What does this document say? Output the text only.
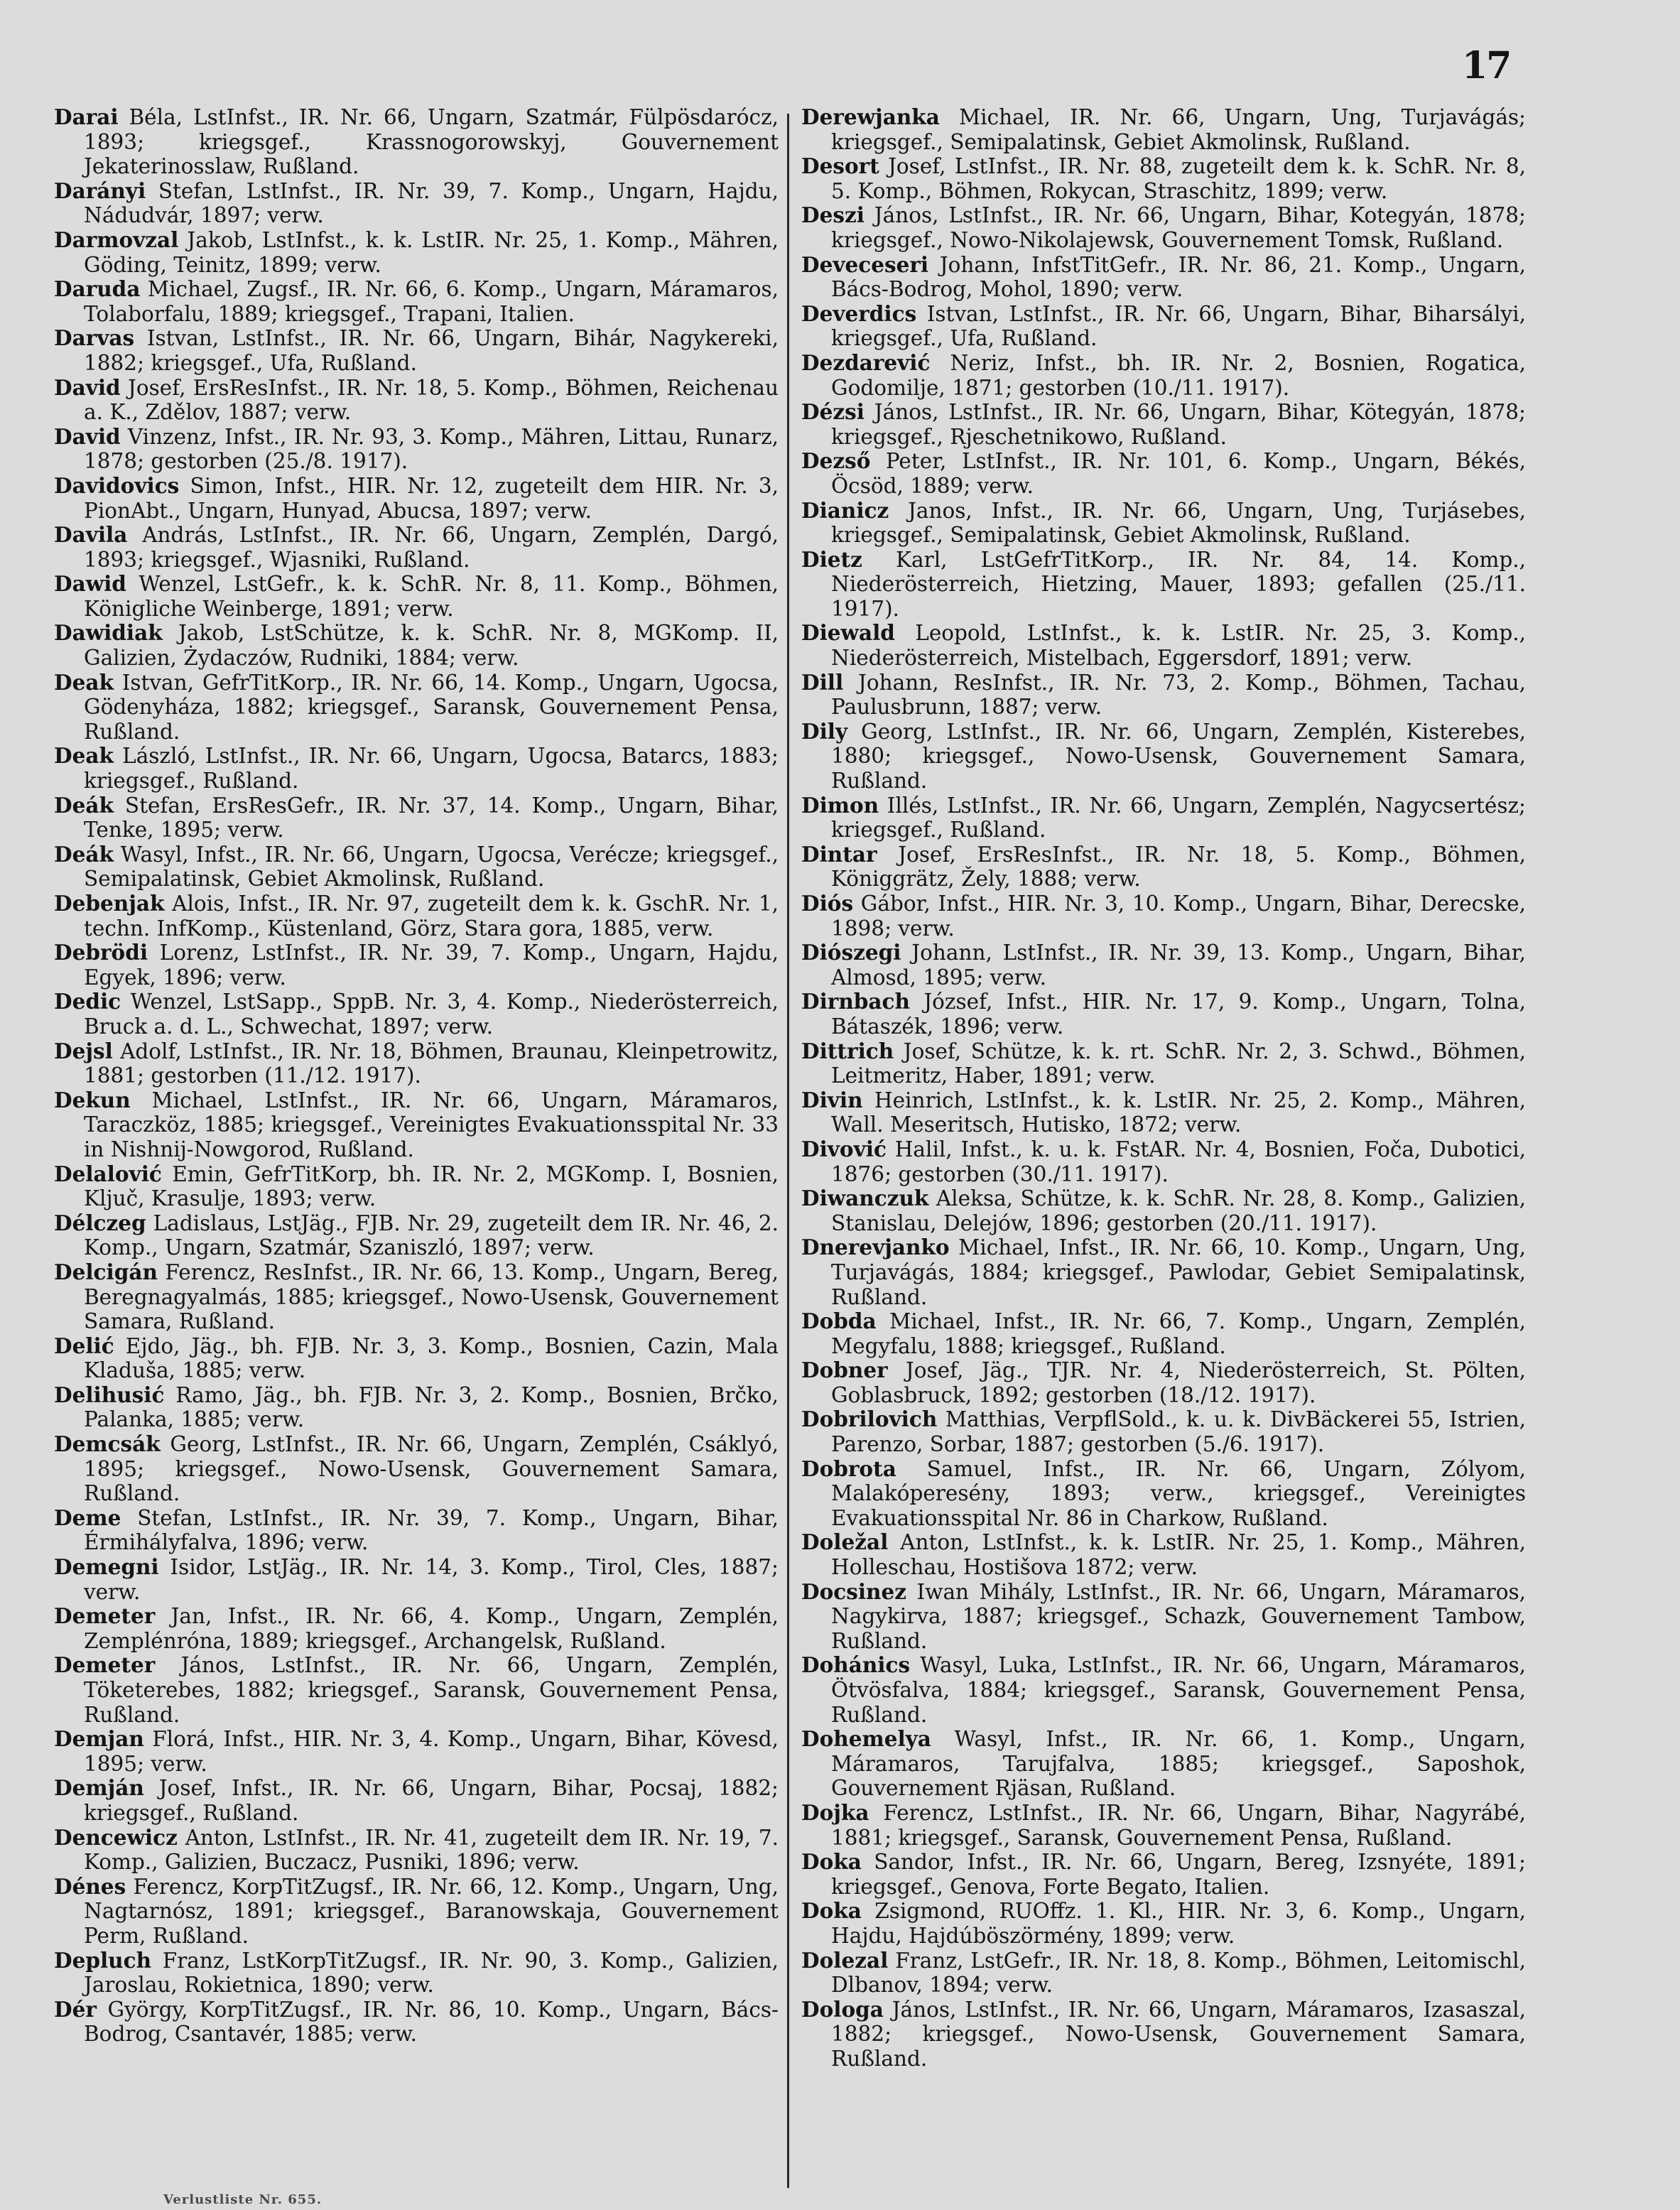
17

Darai Béla, LstInfst., IR. Nr. 66, Ungarn, Szatmár, Fülpösdarócz, 1893; kriegsgef., Krassnogorowskyj, Gouvernement Jekaterinosslaw, Rußland.

Darányi Stefan, LstInfst., IR. Nr. 39, 7. Komp., Ungarn, Hajdu, Nádudvár, 1897; verw.

Darmovzal Jakob, LstInfst., k. k. LstIR. Nr. 25, 1. Komp., Mähren, Göding, Teinitz, 1899; verw.

Daruda Michael, Zugsf., IR. Nr. 66, 6. Komp., Ungarn, Máramaros, Tolaborfalu, 1889; kriegsgef., Trapani, Italien.

Darvas Istvan, LstInfst., IR. Nr. 66, Ungarn, Bihár, Nagykereki, 1882; kriegsgef., Ufa, Rußland.

David Josef, ErsResInfst., IR. Nr. 18, 5. Komp., Böhmen, Reichenau a. K., Zdělov, 1887; verw.

David Vinzenz, Infst., IR. Nr. 93, 3. Komp., Mähren, Littau, Runarz, 1878; gestorben (25./8. 1917).

Davidovics Simon, Infst., HIR. Nr. 12, zugeteilt dem HIR. Nr. 3, PionAbt., Ungarn, Hunyad, Abucsa, 1897; verw.

Davila András, LstInfst., IR. Nr. 66, Ungarn, Zemplén, Dargó, 1893; kriegsgef., Wjasniki, Rußland.

Dawid Wenzel, LstGefr., k. k. SchR. Nr. 8, 11. Komp., Böhmen, Königliche Weinberge, 1891; verw.

Dawidiak Jakob, LstSchütze, k. k. SchR. Nr. 8, MGKomp. II, Galizien, Żydaczów, Rudniki, 1884; verw.

Deak Istvan, GefrTitKorp., IR. Nr. 66, 14. Komp., Ungarn, Ugocsa, Gödenyháza, 1882; kriegsgef., Saransk, Gouvernement Pensa, Rußland.

Deak László, LstInfst., IR. Nr. 66, Ungarn, Ugocsa, Batarcs, 1883; kriegsgef., Rußland.

Deák Stefan, ErsResGefr., IR. Nr. 37, 14. Komp., Ungarn, Bihar, Tenke, 1895; verw.

Deák Wasyl, Infst., IR. Nr. 66, Ungarn, Ugocsa, Verécze; kriegsgef., Semipalatinsk, Gebiet Akmolinsk, Rußland.

Debenjak Alois, Infst., IR. Nr. 97, zugeteilt dem k. k. GschR. Nr. 1, techn. InfKomp., Küstenland, Görz, Stara gora, 1885, verw.

Debrödi Lorenz, LstInfst., IR. Nr. 39, 7. Komp., Ungarn, Hajdu, Egyek, 1896; verw.

Dedic Wenzel, LstSapp., SppB. Nr. 3, 4. Komp., Niederösterreich, Bruck a. d. L., Schwechat, 1897; verw.

Dejsl Adolf, LstInfst., IR. Nr. 18, Böhmen, Braunau, Kleinpetrowitz, 1881; gestorben (11./12. 1917).

Dekun Michael, LstInfst., IR. Nr. 66, Ungarn, Máramaros, Taraczköz, 1885; kriegsgef., Vereinigtes Evakuationsspital Nr. 33 in Nishnij-Nowgorod, Rußland.

Delalović Emin, GefrTitKorp, bh. IR. Nr. 2, MGKomp. I, Bosnien, Ključ, Krasulje, 1893; verw.

Délczeg Ladislaus, LstJäg., FJB. Nr. 29, zugeteilt dem IR. Nr. 46, 2. Komp., Ungarn, Szatmár, Szaniszló, 1897; verw.

Delcigán Ferencz, ResInfst., IR. Nr. 66, 13. Komp., Ungarn, Bereg, Beregnagyalmás, 1885; kriegsgef., Nowo-Usensk, Gouvernement Samara, Rußland.

Delić Ejdo, Jäg., bh. FJB. Nr. 3, 3. Komp., Bosnien, Cazin, Mala Kladuša, 1885; verw.

Delihusić Ramo, Jäg., bh. FJB. Nr. 3, 2. Komp., Bosnien, Brčko, Palanka, 1885; verw.

Demcsák Georg, LstInfst., IR. Nr. 66, Ungarn, Zemplén, Csáklyó, 1895; kriegsgef., Nowo-Usensk, Gouvernement Samara, Rußland.

Deme Stefan, LstInfst., IR. Nr. 39, 7. Komp., Ungarn, Bihar, Érmihályfalva, 1896; verw.

Demegni Isidor, LstJäg., IR. Nr. 14, 3. Komp., Tirol, Cles, 1887; verw.

Demeter Jan, Infst., IR. Nr. 66, 4. Komp., Ungarn, Zemplén, Zemplénróna, 1889; kriegsgef., Archangelsk, Rußland.

Demeter János, LstInfst., IR. Nr. 66, Ungarn, Zemplén, Töketerebes, 1882; kriegsgef., Saransk, Gouvernement Pensa, Rußland.

Demjan Florá, Infst., HIR. Nr. 3, 4. Komp., Ungarn, Bihar, Kövesd, 1895; verw.

Demján Josef, Infst., IR. Nr. 66, Ungarn, Bihar, Pocsaj, 1882; kriegsgef., Rußland.

Dencewicz Anton, LstInfst., IR. Nr. 41, zugeteilt dem IR. Nr. 19, 7. Komp., Galizien, Buczacz, Pusniki, 1896; verw.

Dénes Ferencz, KorpTitZugsf., IR. Nr. 66, 12. Komp., Ungarn, Ung, Nagtarnósz, 1891; kriegsgef., Baranowskaja, Gouvernement Perm, Rußland.

Depluch Franz, LstKorpTitZugsf., IR. Nr. 90, 3. Komp., Galizien, Jaroslau, Rokietnica, 1890; verw.

Dér György, KorpTitZugsf., IR. Nr. 86, 10. Komp., Ungarn, Bács-Bodrog, Csantavér, 1885; verw.

Derewjanka Michael, IR. Nr. 66, Ungarn, Ung, Turjavágás; kriegsgef., Semipalatinsk, Gebiet Akmolinsk, Rußland.

Desort Josef, LstInfst., IR. Nr. 88, zugeteilt dem k. k. SchR. Nr. 8, 5. Komp., Böhmen, Rokycan, Straschitz, 1899; verw.

Deszi János, LstInfst., IR. Nr. 66, Ungarn, Bihar, Kotegyán, 1878; kriegsgef., Nowo-Nikolajewsk, Gouvernement Tomsk, Rußland.

Deveceseri Johann, InfstTitGefr., IR. Nr. 86, 21. Komp., Ungarn, Bács-Bodrog, Mohol, 1890; verw.

Deverdics Istvan, LstInfst., IR. Nr. 66, Ungarn, Bihar, Biharsályi, kriegsgef., Ufa, Rußland.

Dezdarević Neriz, Infst., bh. IR. Nr. 2, Bosnien, Rogatica, Godomilje, 1871; gestorben (10./11. 1917).

Dézsi János, LstInfst., IR. Nr. 66, Ungarn, Bihar, Kötegyán, 1878; kriegsgef., Rjeschetnikowo, Rußland.

Dezső Peter, LstInfst., IR. Nr. 101, 6. Komp., Ungarn, Békés, Öcsöd, 1889; verw.

Dianicz Janos, Infst., IR. Nr. 66, Ungarn, Ung, Turjásebes, kriegsgef., Semipalatinsk, Gebiet Akmolinsk, Rußland.

Dietz Karl, LstGefrTitKorp., IR. Nr. 84, 14. Komp., Niederösterreich, Hietzing, Mauer, 1893; gefallen (25./11. 1917).

Diewald Leopold, LstInfst., k. k. LstIR. Nr. 25, 3. Komp., Niederösterreich, Mistelbach, Eggersdorf, 1891; verw.

Dill Johann, ResInfst., IR. Nr. 73, 2. Komp., Böhmen, Tachau, Paulusbrunn, 1887; verw.

Dily Georg, LstInfst., IR. Nr. 66, Ungarn, Zemplén, Kisterebes, 1880; kriegsgef., Nowo-Usensk, Gouvernement Samara, Rußland.

Dimon Illés, LstInfst., IR. Nr. 66, Ungarn, Zemplén, Nagycsertész; kriegsgef., Rußland.

Dintar Josef, ErsResInfst., IR. Nr. 18, 5. Komp., Böhmen, Königgrätz, Žely, 1888; verw.

Diós Gábor, Infst., HIR. Nr. 3, 10. Komp., Ungarn, Bihar, Derecske, 1898; verw.

Diószegi Johann, LstInfst., IR. Nr. 39, 13. Komp., Ungarn, Bihar, Almosd, 1895; verw.

Dirnbach József, Infst., HIR. Nr. 17, 9. Komp., Ungarn, Tolna, Bátaszék, 1896; verw.

Dittrich Josef, Schütze, k. k. rt. SchR. Nr. 2, 3. Schwd., Böhmen, Leitmeritz, Haber, 1891; verw.

Divin Heinrich, LstInfst., k. k. LstIR. Nr. 25, 2. Komp., Mähren, Wall. Meseritsch, Hutisko, 1872; verw.

Divović Halil, Infst., k. u. k. FstAR. Nr. 4, Bosnien, Foča, Dubotici, 1876; gestorben (30./11. 1917).

Diwanczuk Aleksa, Schütze, k. k. SchR. Nr. 28, 8. Komp., Galizien, Stanislau, Delejów, 1896; gestorben (20./11. 1917).

Dnerevjanko Michael, Infst., IR. Nr. 66, 10. Komp., Ungarn, Ung, Turjavágás, 1884; kriegsgef., Pawlodar, Gebiet Semipalatinsk, Rußland.

Dobda Michael, Infst., IR. Nr. 66, 7. Komp., Ungarn, Zemplén, Megyfalu, 1888; kriegsgef., Rußland.

Dobner Josef, Jäg., TJR. Nr. 4, Niederösterreich, St. Pölten, Goblasbruck, 1892; gestorben (18./12. 1917).

Dobrilovich Matthias, VerpflSold., k. u. k. DivBäckerei 55, Istrien, Parenzo, Sorbar, 1887; gestorben (5./6. 1917).

Dobrota Samuel, Infst., IR. Nr. 66, Ungarn, Zólyom, Malakóperesény, 1893; verw., kriegsgef., Vereinigtes Evakuationsspital Nr. 86 in Charkow, Rußland.

Doležal Anton, LstInfst., k. k. LstIR. Nr. 25, 1. Komp., Mähren, Holleschau, Hostišova 1872; verw.

Docsinez Iwan Mihály, LstInfst., IR. Nr. 66, Ungarn, Máramaros, Nagykirva, 1887; kriegsgef., Schazk, Gouvernement Tambow, Rußland.

Dohánics Wasyl, Luka, LstInfst., IR. Nr. 66, Ungarn, Máramaros, Ötvösfalva, 1884; kriegsgef., Saransk, Gouvernement Pensa, Rußland.

Dohemelya Wasyl, Infst., IR. Nr. 66, 1. Komp., Ungarn, Máramaros, Tarujfalva, 1885; kriegsgef., Saposhok, Gouvernement Rjäsan, Rußland.

Dojka Ferencz, LstInfst., IR. Nr. 66, Ungarn, Bihar, Nagyrábé, 1881; kriegsgef., Saransk, Gouvernement Pensa, Rußland.

Doka Sandor, Infst., IR. Nr. 66, Ungarn, Bereg, Izsnyéte, 1891; kriegsgef., Genova, Forte Begato, Italien.

Doka Zsigmond, RUOffz. 1. Kl., HIR. Nr. 3, 6. Komp., Ungarn, Hajdu, Hajdúböszörmény, 1899; verw.

Dolezal Franz, LstGefr., IR. Nr. 18, 8. Komp., Böhmen, Leitomischl, Dlbanov, 1894; verw.

Dologa János, LstInfst., IR. Nr. 66, Ungarn, Máramaros, Izasaszal, 1882; kriegsgef., Nowo-Usensk, Gouvernement Samara, Rußland.

Verlustliste Nr. 655.
